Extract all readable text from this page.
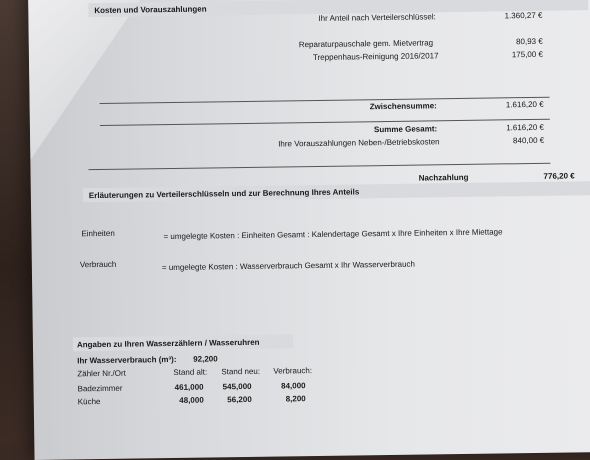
Kosten und Vorauszahlungen
Ihr Anteil nach Verteilerschlüssel:	1.360,27 €
Reparaturpauschale gem. Mietvertrag	80,93 €
Treppenhaus-Reinigung 2016/2017	175,00 €
Zwischensumme:	1.616,20 €
Summe Gesamt:	1.616,20 €
Ihre Vorauszahlungen Neben-/Betriebskosten	840,00 €
Nachzahlung	776,20 €
Erläuterungen zu Verteilerschlüsseln und zur Berechnung Ihres Anteils
Einheiten	= umgelegte Kosten : Einheiten Gesamt : Kalendertage Gesamt x Ihre Einheiten x Ihre Miettage
Verbrauch	= umgelegte Kosten : Wasserverbrauch Gesamt x Ihr Wasserverbrauch
Angaben zu Ihren Wasserzählern / Wasseruhren
Ihr Wasserverbrauch (m³): 92,200
Zähler Nr./Ort	Stand alt: Stand neu: Verbrauch:
Badezimmer	461,000	545,000	84,000
Küche	48,000	56,200	8,200
